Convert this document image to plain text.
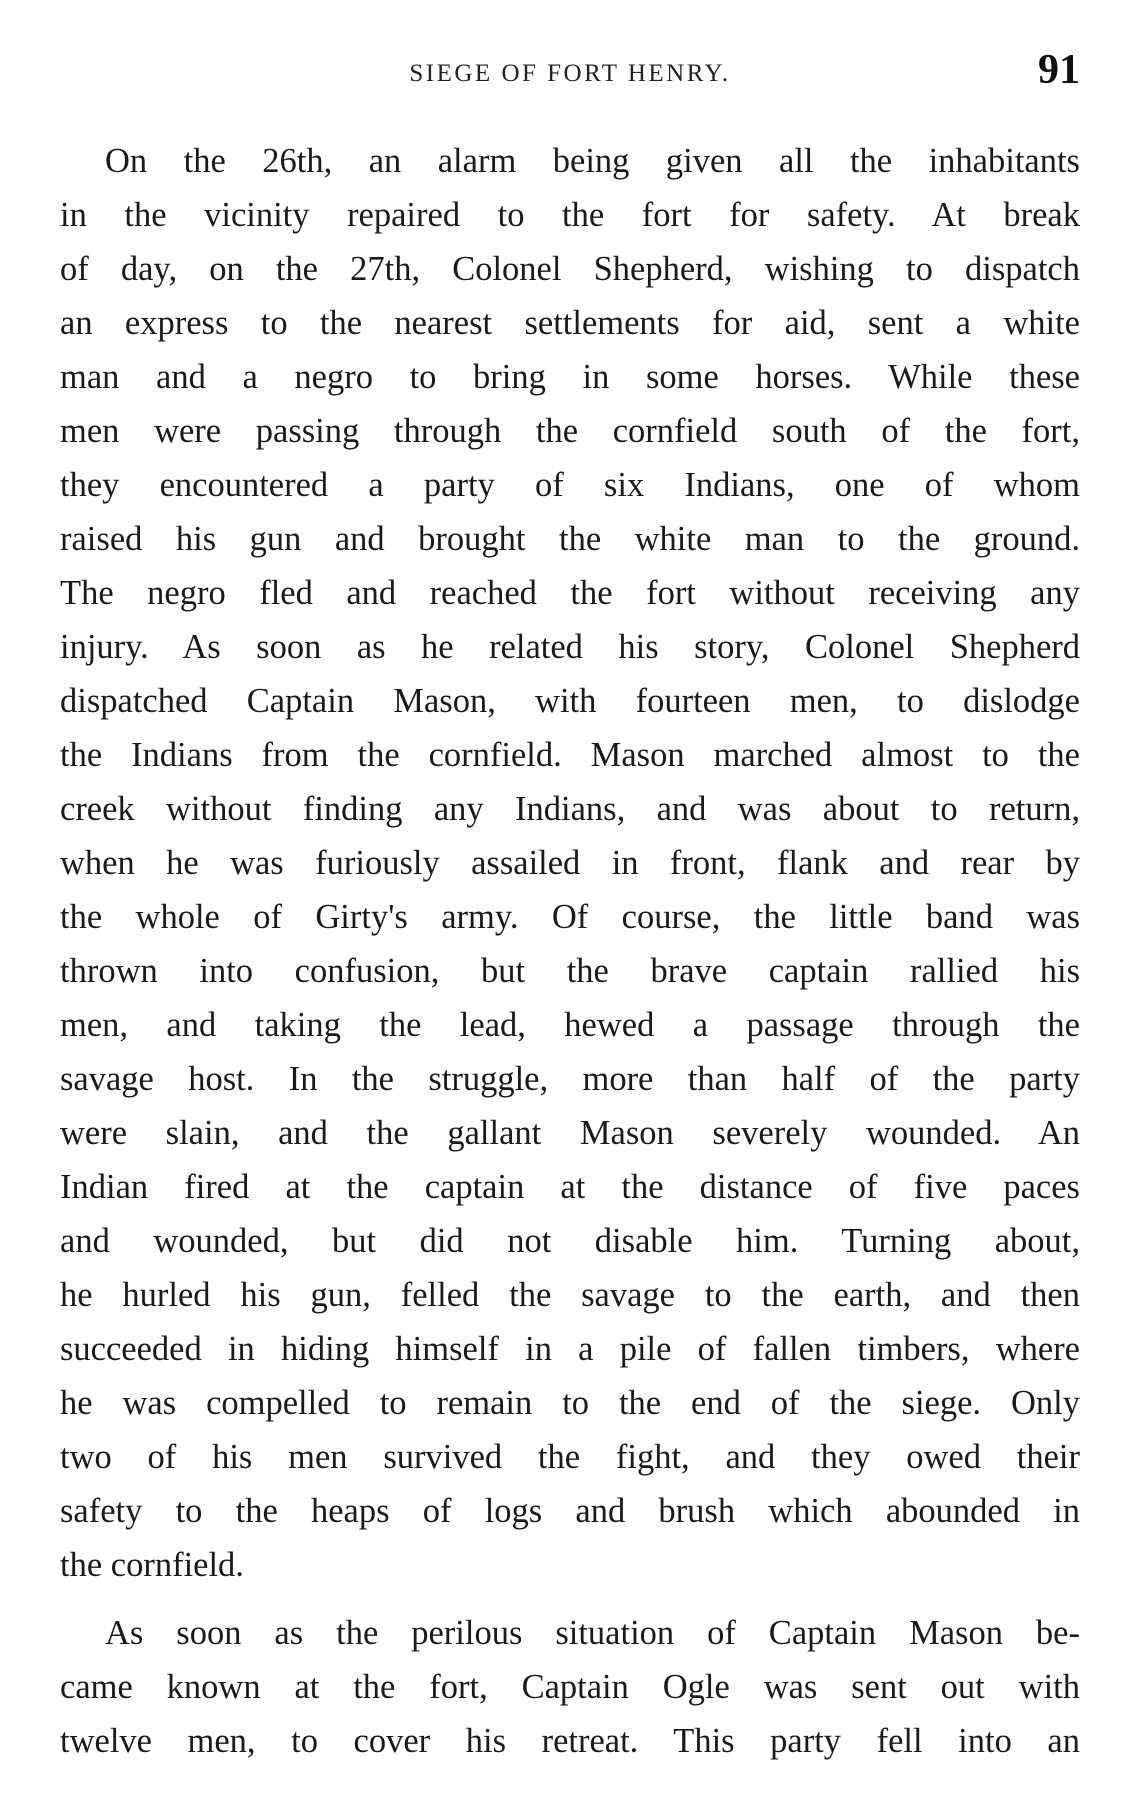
SIEGE OF FORT HENRY.	91
On the 26th, an alarm being given all the inhabitants
in the vicinity repaired to the fort for safety. At break
of day, on the 27th, Colonel Shepherd, wishing to dispatch
an express to the nearest settlements for aid, sent a white
man and a negro to bring in some horses. While these
men were passing through the cornfield south of the fort,
they encountered a party of six Indians, one of whom
raised his gun and brought the white man to the ground.
The negro fled and reached the fort without receiving any
injury. As soon as he related his story, Colonel Shepherd
dispatched Captain Mason, with fourteen men, to dislodge
the Indians from the cornfield. Mason marched almost to the
creek without finding any Indians, and was about to return,
when he was furiously assailed in front, flank and rear by
the whole of Girty's army. Of course, the little band was
thrown into confusion, but the brave captain rallied his
men, and taking the lead, hewed a passage through the
savage host. In the struggle, more than half of the party
were slain, and the gallant Mason severely wounded. An
Indian fired at the captain at the distance of five paces
and wounded, but did not disable him. Turning about,
he hurled his gun, felled the savage to the earth, and then
succeeded in hiding himself in a pile of fallen timbers, where
he was compelled to remain to the end of the siege. Only
two of his men survived the fight, and they owed their
safety to the heaps of logs and brush which abounded in
the cornfield.
As soon as the perilous situation of Captain Mason be-
came known at the fort, Captain Ogle was sent out with
twelve men, to cover his retreat. This party fell into an
